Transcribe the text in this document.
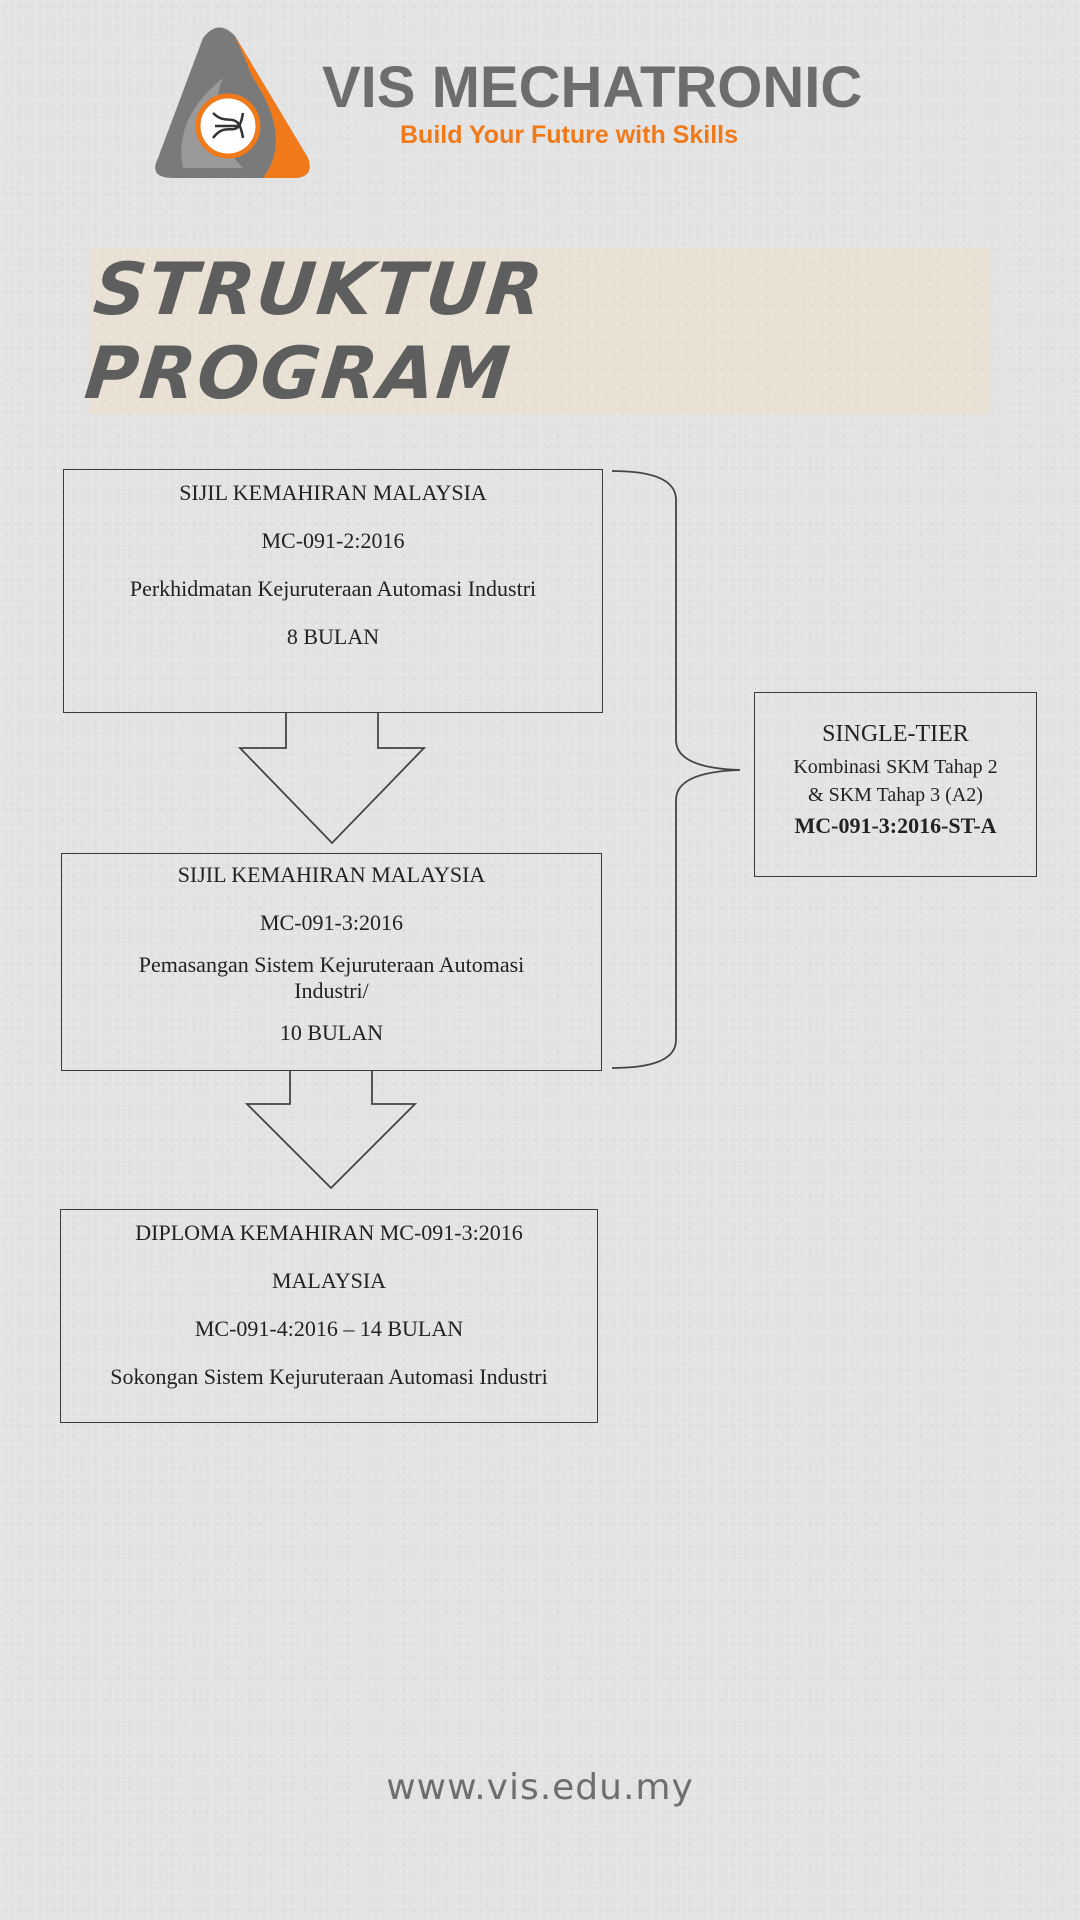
VIS MECHATRONIC
Build Your Future with Skills
STRUKTUR PROGRAM
SIJIL KEMAHIRAN MALAYSIA
MC-091-2:2016
Perkhidmatan Kejuruteraan Automasi Industri
8 BULAN
SIJIL KEMAHIRAN MALAYSIA
MC-091-3:2016
Pemasangan Sistem Kejuruteraan Automasi
Industri/
10 BULAN
DIPLOMA KEMAHIRAN MC-091-3:2016
MALAYSIA
MC-091-4:2016 – 14 BULAN
Sokongan Sistem Kejuruteraan Automasi Industri
SINGLE-TIER
Kombinasi SKM Tahap 2
& SKM Tahap 3 (A2)
MC-091-3:2016-ST-A
www.vis.edu.my
